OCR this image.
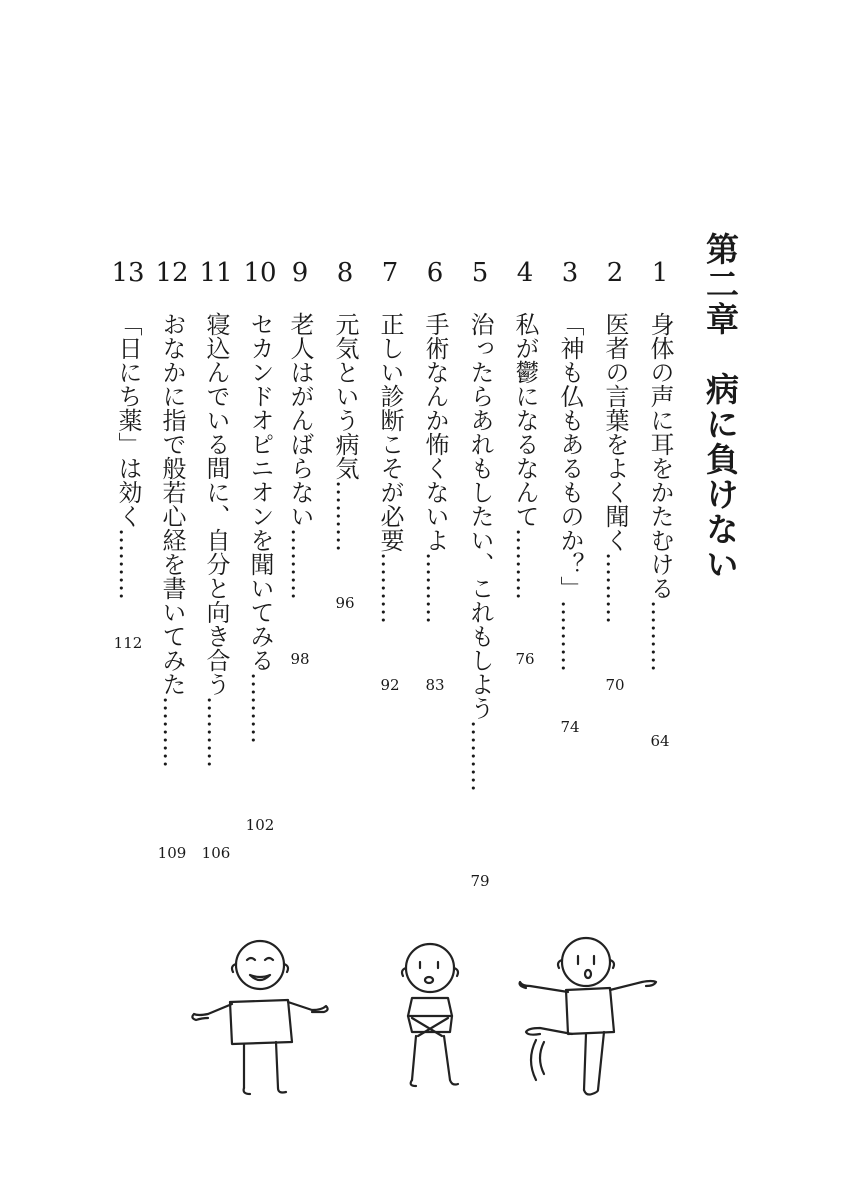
第二章　病に負けない
1
身体の声に耳をかたむける………
64
2
医者の言葉をよく聞く………
70
3
「神も仏もあるものか？」………
74
4
私が鬱になるなんて………
76
5
治ったらあれもしたい、これもしよう………
79
6
手術なんか怖くないよ………
83
7
正しい診断こそが必要………
92
8
元気という病気………
96
9
老人はがんばらない………
98
10
セカンドオピニオンを聞いてみる………
102
11
寝込んでいる間に、自分と向き合う………
106
12
おなかに指で般若心経を書いてみた………
109
13
「日にち薬」は効く………
112
